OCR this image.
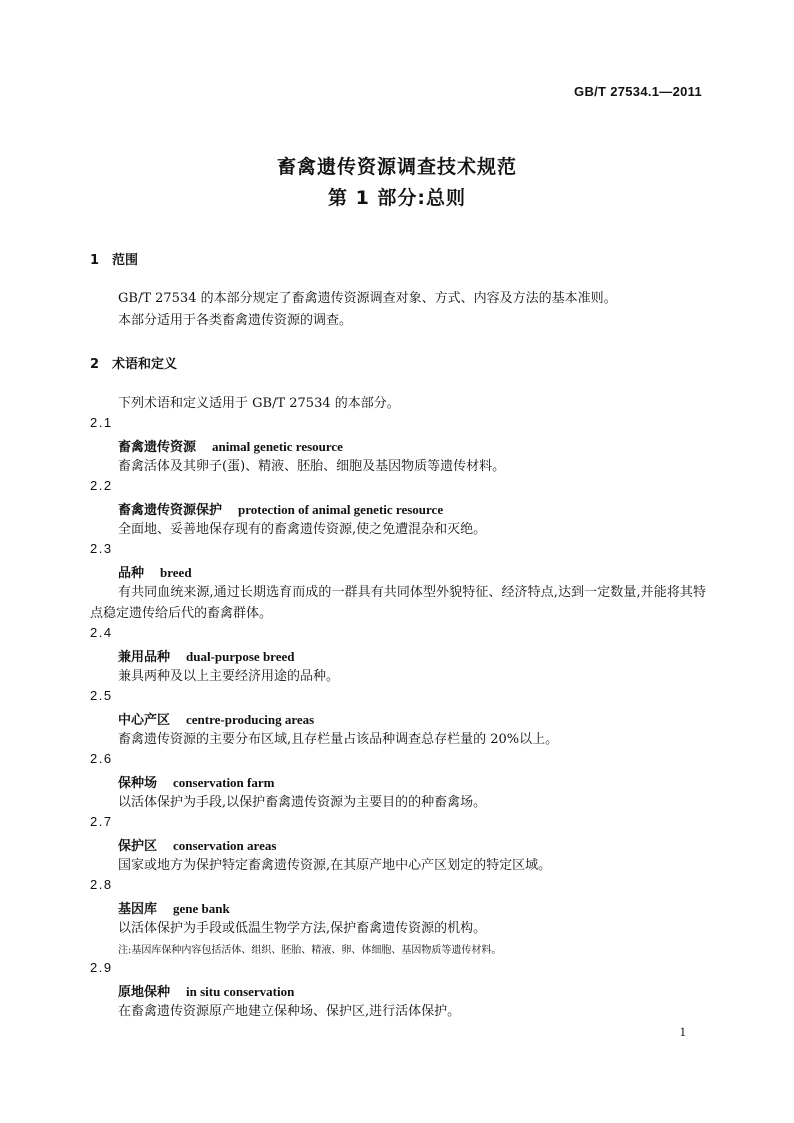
GB/T 27534.1—2011
畜禽遗传资源调查技术规范
第 1 部分:总则
1 范围
GB/T 27534 的本部分规定了畜禽遗传资源调查对象、方式、内容及方法的基本准则。
本部分适用于各类畜禽遗传资源的调查。
2 术语和定义
下列术语和定义适用于 GB/T 27534 的本部分。
2.1
畜禽遗传资源 animal genetic resource
畜禽活体及其卵子(蛋)、精液、胚胎、细胞及基因物质等遗传材料。
2.2
畜禽遗传资源保护 protection of animal genetic resource
全面地、妥善地保存现有的畜禽遗传资源,使之免遭混杂和灭绝。
2.3
品种 breed
有共同血统来源,通过长期选育而成的一群具有共同体型外貌特征、经济特点,达到一定数量,并能将其特点稳定遗传给后代的畜禽群体。
2.4
兼用品种 dual-purpose breed
兼具两种及以上主要经济用途的品种。
2.5
中心产区 centre-producing areas
畜禽遗传资源的主要分布区域,且存栏量占该品种调查总存栏量的 20%以上。
2.6
保种场 conservation farm
以活体保护为手段,以保护畜禽遗传资源为主要目的的种畜禽场。
2.7
保护区 conservation areas
国家或地方为保护特定畜禽遗传资源,在其原产地中心产区划定的特定区域。
2.8
基因库 gene bank
以活体保护为手段或低温生物学方法,保护畜禽遗传资源的机构。
注:基因库保种内容包括活体、组织、胚胎、精液、卵、体细胞、基因物质等遗传材料。
2.9
原地保种 in situ conservation
在畜禽遗传资源原产地建立保种场、保护区,进行活体保护。
1
